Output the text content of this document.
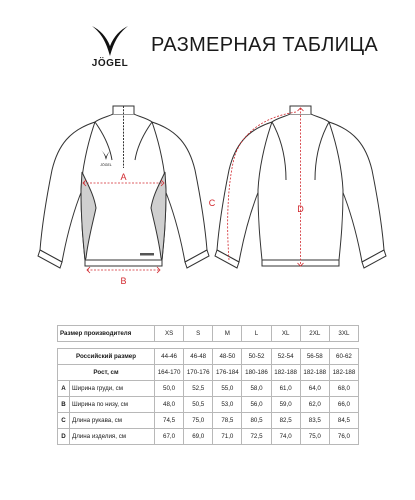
JÖGEL
РАЗМЕРНАЯ ТАБЛИЦА
JÖGEL
A
B
C
D
Размер производителя		XS	S	M	L	XL	2XL	3XL

Российский размер		44-46	46-48	48-50	50-52	52-54	56-58	60-62
Рост, см		164-170	170-176	176-184	180-186	182-188	182-188	182-188
A	Ширина груди, см	50,0	52,5	55,0	58,0	61,0	64,0	68,0
B	Ширина по низу, см	48,0	50,5	53,0	56,0	59,0	62,0	66,0
C	Длина рукава, см	74,5	75,0	78,5	80,5	82,5	83,5	84,5
D	Длина изделия, см	67,0	69,0	71,0	72,5	74,0	75,0	76,0
